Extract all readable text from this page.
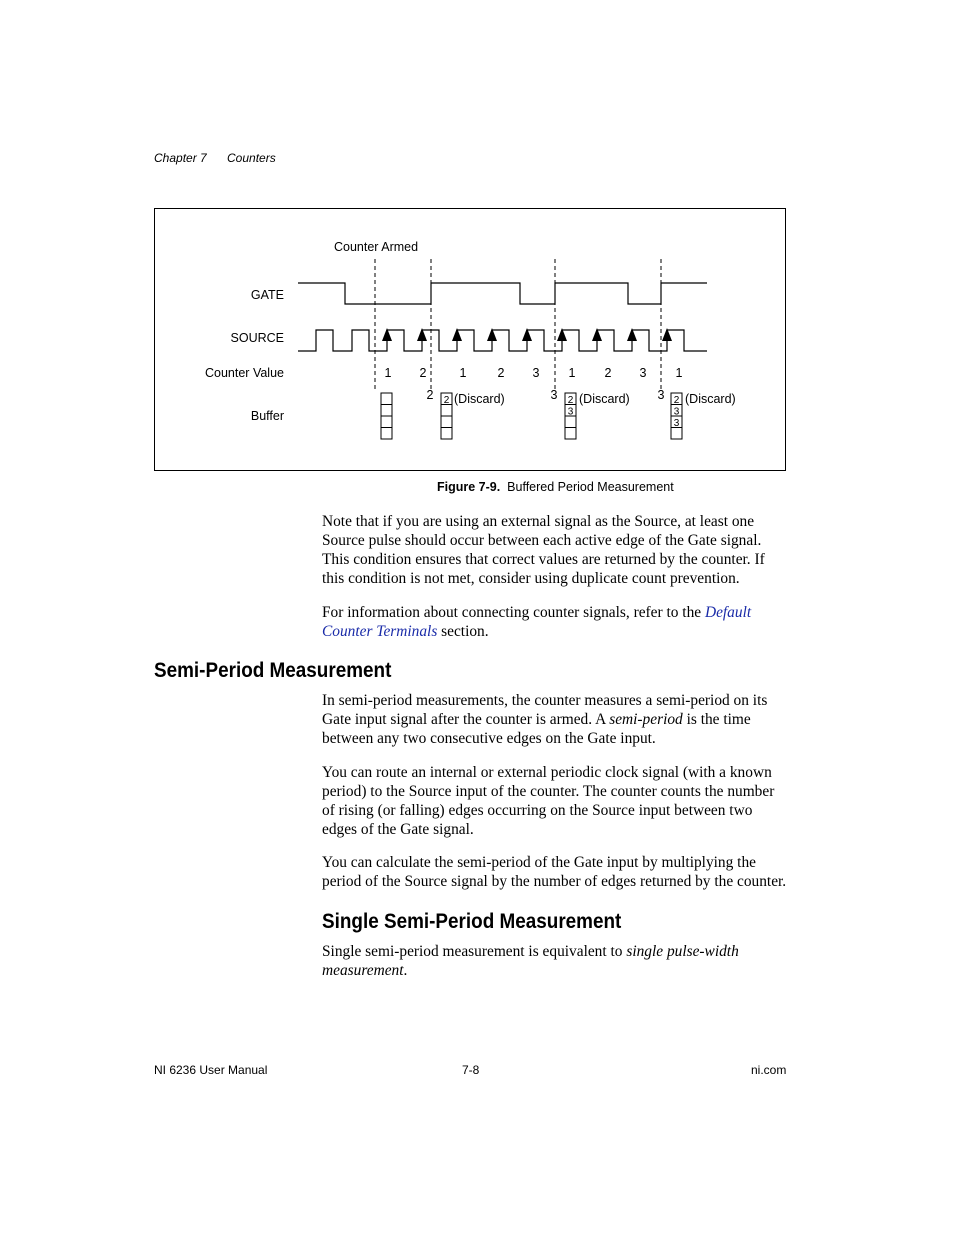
Chapter 7 Counters
Counter Armed
GATE
SOURCE
Counter Value
Buffer
1 2	1 2 3 1 2 3 1
2	3	3
(Discard)	(Discard)	(Discard)
2	2
3
2
3
3
Figure 7-9. Buffered Period Measurement

Note that if you are using an external signal as the Source, at least one Source pulse should occur between each active edge of the Gate signal. This condition ensures that correct values are returned by the counter. If this condition is not met, consider using duplicate count prevention.

For information about connecting counter signals, refer to the Default Counter Terminals section.

Semi-Period Measurement

In semi-period measurements, the counter measures a semi-period on its Gate input signal after the counter is armed. A semi-period is the time between any two consecutive edges on the Gate input.

You can route an internal or external periodic clock signal (with a known period) to the Source input of the counter. The counter counts the number of rising (or falling) edges occurring on the Source input between two edges of the Gate signal.

You can calculate the semi-period of the Gate input by multiplying the period of the Source signal by the number of edges returned by the counter.

Single Semi-Period Measurement

Single semi-period measurement is equivalent to single pulse-width measurement.

NI 6236 User Manual	7-8	ni.com
